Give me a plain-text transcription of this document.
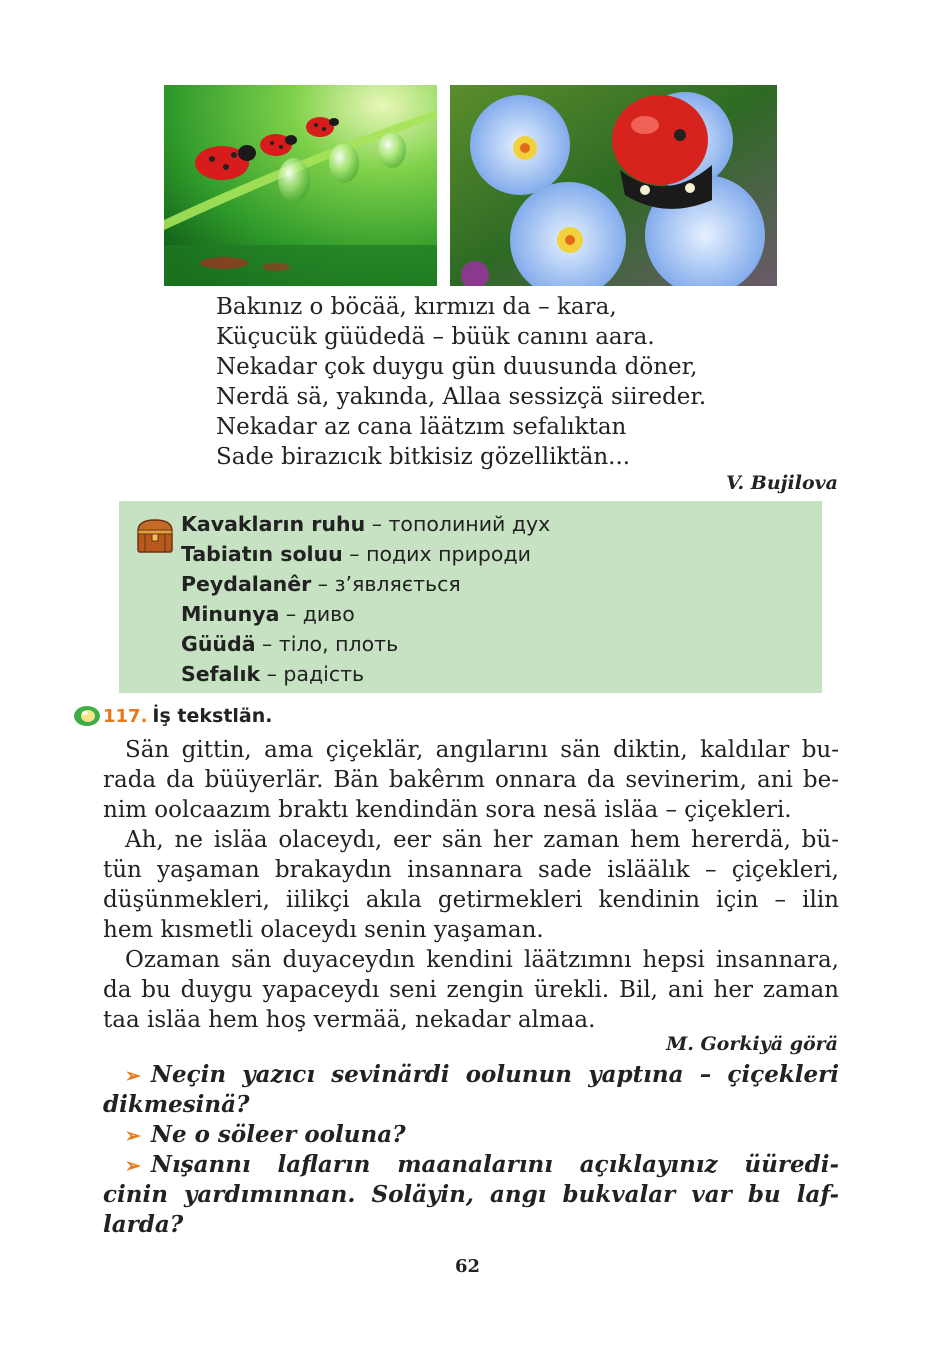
Bakınız o böcää, kırmızı da – kara,
Küçucük güüdedä – büük canını aara.
Nekadar çok duygu gün duusunda döner,
Nerdä sä, yakında, Allaa sessizçä siireder.
Nekadar az cana läätzım sefalıktan
Sade birazıcık bitkisiz gözelliktän...
V. Bujilova
Kavakların ruhu – тополиний дух
Tabiatın soluu – подих природи
Peydalanêr – з’являється
Minunya – диво
Güüdä – тіло, плоть
Sefalık – радість
117. İş tekstlän.
Sän gittin, ama çiçeklär, angılarını sän diktin, kaldılar bu-
rada da büüyerlär. Bän bakêrım onnara da sevinerim, ani be-
nim oolcaazım braktı kendindän sora nesä isläa – çiçekleri.
Ah, ne isläa olaceydı, eer sän her zaman hem hererdä, bü-
tün yaşaman brakaydın insannara sade isläälık – çiçekleri,
düşünmekleri, iilikçi akıla getirmekleri kendinin için – ilin
hem kısmetli olaceydı senin yaşaman.
Ozaman sän duyaceydın kendini läätzımnı hepsi insannara,
da bu duygu yapaceydı seni zengin ürekli. Bil, ani her zaman
taa isläa hem hoş vermää, nekadar almaa.
M. Gorkiyä görä
➢ Neçin yazıcı sevinärdi oolunun yaptına – çiçekleri
dikmesinä?
➢ Ne o söleer ooluna?
➢ Nışannı lafların maanalarını açıklayınız üüredi-
cinin yardımınnan. Soläyin, angı bukvalar var bu laf-
larda?
62
